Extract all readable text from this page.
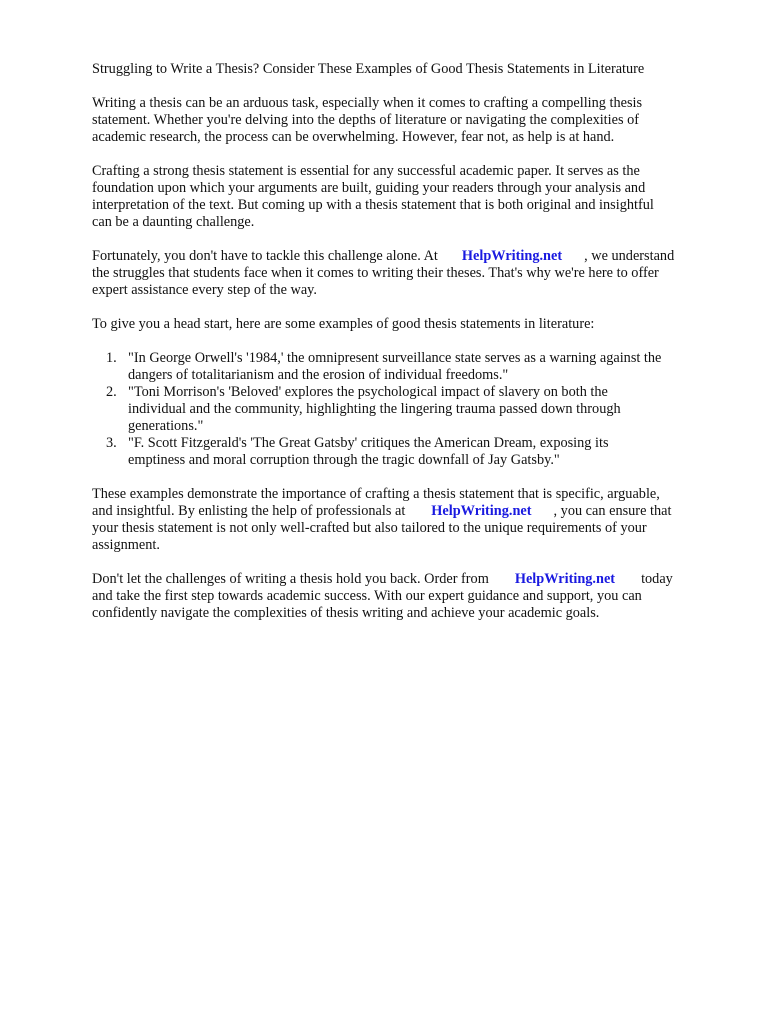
Struggling to Write a Thesis? Consider These Examples of Good Thesis Statements in Literature

Writing a thesis can be an arduous task, especially when it comes to crafting a compelling thesis
statement. Whether you're delving into the depths of literature or navigating the complexities of
academic research, the process can be overwhelming. However, fear not, as help is at hand.

Crafting a strong thesis statement is essential for any successful academic paper. It serves as the
foundation upon which your arguments are built, guiding your readers through your analysis and
interpretation of the text. But coming up with a thesis statement that is both original and insightful
can be a daunting challenge.

Fortunately, you don't have to tackle this challenge alone. At HelpWriting.net , we understand
the struggles that students face when it comes to writing their theses. That's why we're here to offer
expert assistance every step of the way.

To give you a head start, here are some examples of good thesis statements in literature:

1. "In George Orwell's '1984,' the omnipresent surveillance state serves as a warning against the
dangers of totalitarianism and the erosion of individual freedoms."
2. "Toni Morrison's 'Beloved' explores the psychological impact of slavery on both the
individual and the community, highlighting the lingering trauma passed down through
generations."
3. "F. Scott Fitzgerald's 'The Great Gatsby' critiques the American Dream, exposing its
emptiness and moral corruption through the tragic downfall of Jay Gatsby."

These examples demonstrate the importance of crafting a thesis statement that is specific, arguable,
and insightful. By enlisting the help of professionals at HelpWriting.net , you can ensure that
your thesis statement is not only well-crafted but also tailored to the unique requirements of your
assignment.

Don't let the challenges of writing a thesis hold you back. Order from HelpWriting.net today
and take the first step towards academic success. With our expert guidance and support, you can
confidently navigate the complexities of thesis writing and achieve your academic goals.
